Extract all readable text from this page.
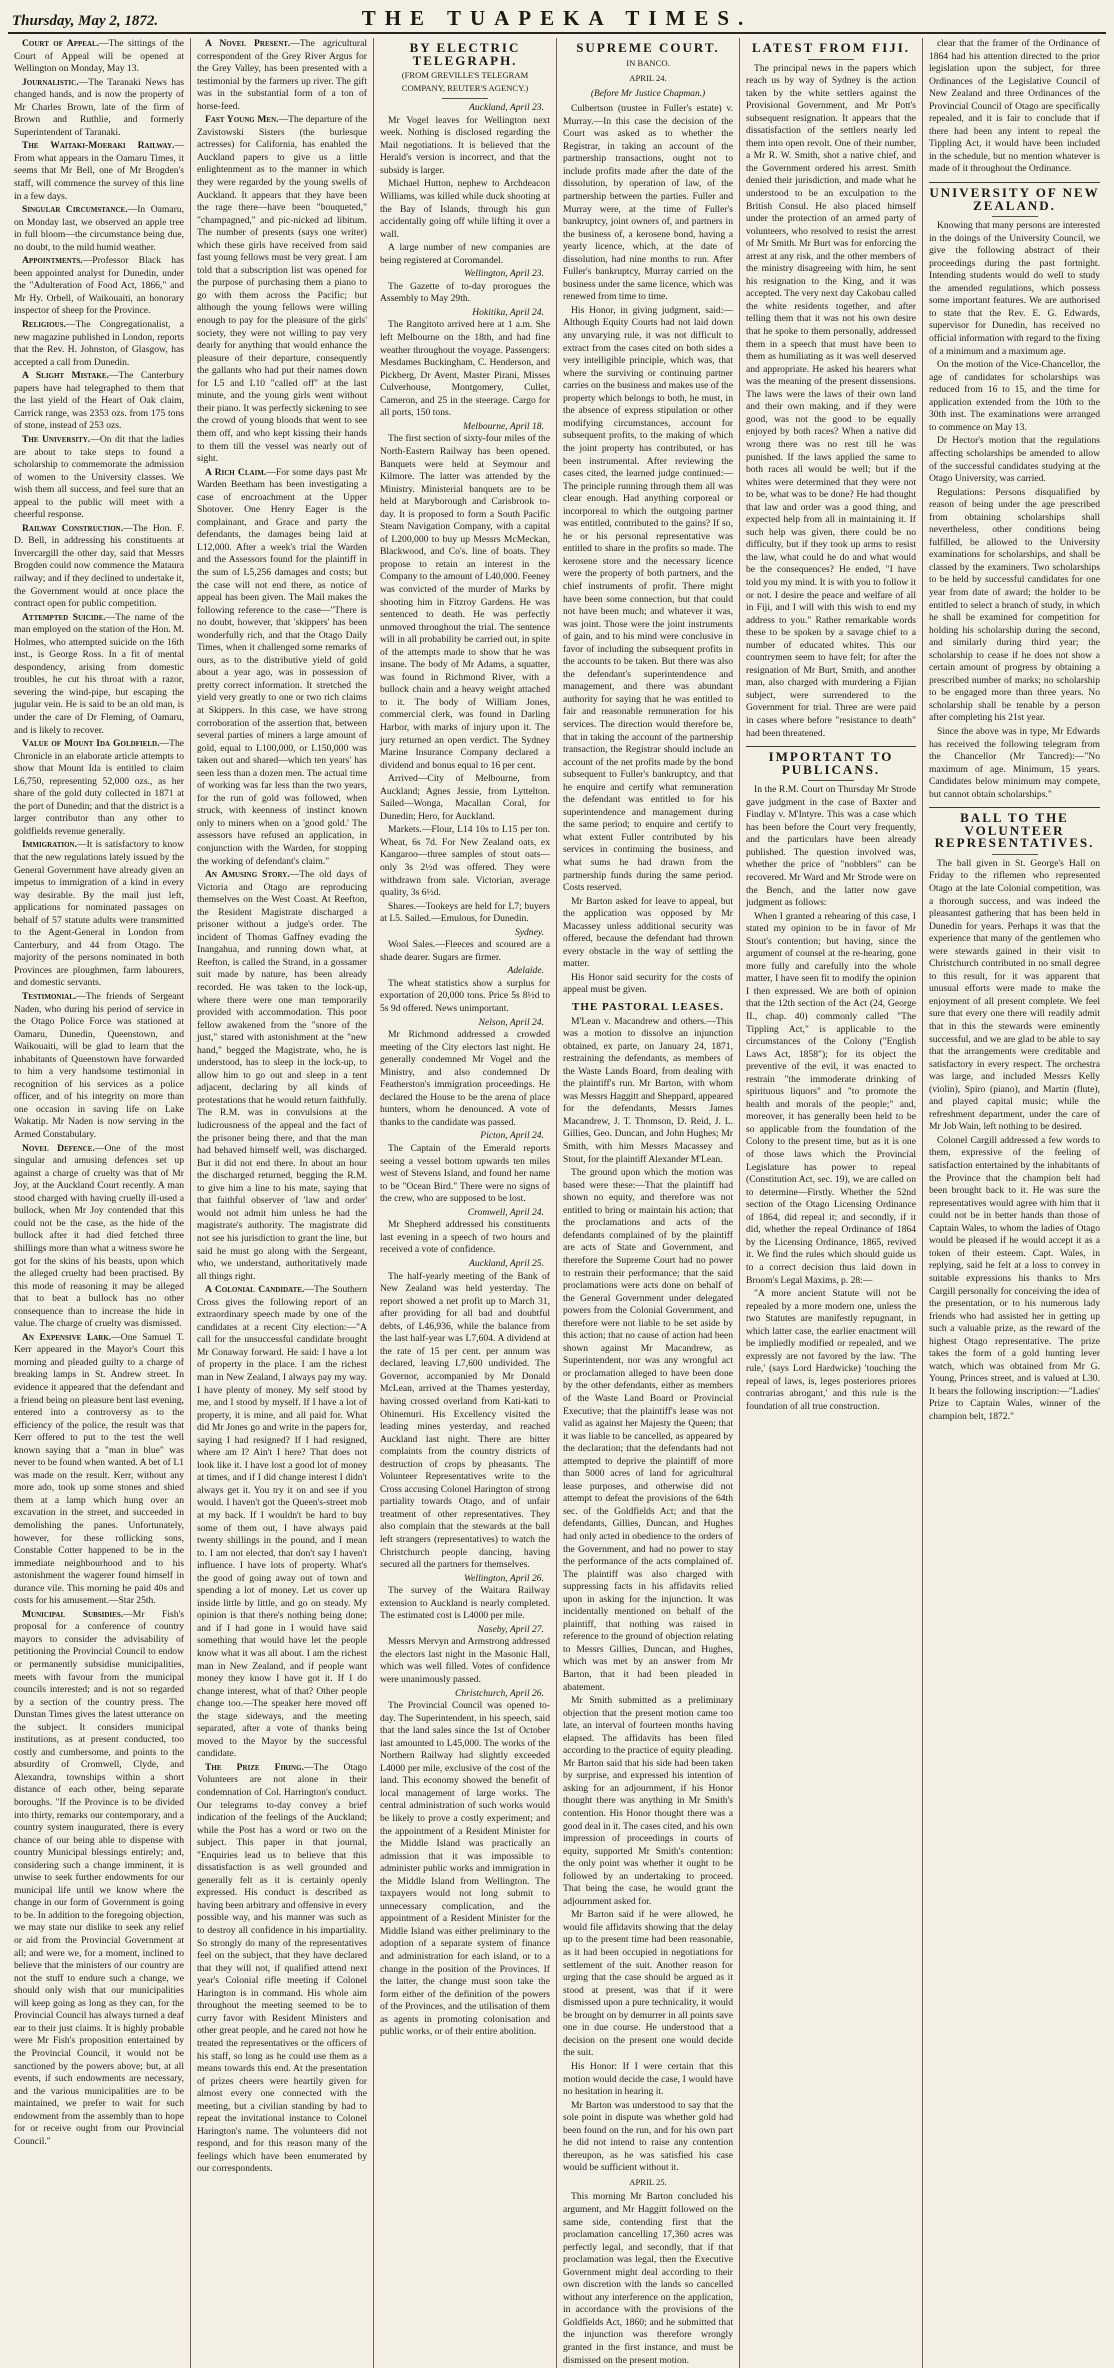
Thursday, May 2, 1872.	THE TUAPEKA TIMES.

Court of Appeal.—The sittings of the Court of Appeal will be opened at Wellington on Monday, May 13.

Journalistic.—The Taranaki News has changed hands, and is now the property of Mr Charles Brown, late of the firm of Brown and Ruthlie, and formerly Superintendent of Taranaki.

The Waitaki-Moeraki Railway.—From what appears in the Oamaru Times, it seems that Mr Bell, one of Mr Brogden's staff, will commence the survey of this line in a few days.

Singular Circumstance.—In Oamaru, on Monday last, we observed an apple tree in full bloom—the circumstance being due, no doubt, to the mild humid weather.

Appointments.—Professor Black has been appointed analyst for Dunedin, under the "Adulteration of Food Act, 1866," and Mr Hy. Orbell, of Waikouaiti, an honorary inspector of sheep for the Province.

Religious.—The Congregationalist, a new magazine published in London, reports that the Rev. H. Johnston, of Glasgow, has accepted a call from Dunedin.

A Slight Mistake.—The Canterbury papers have had telegraphed to them that the last yield of the Heart of Oak claim, Carrick range, was 2353 ozs. from 175 tons of stone, instead of 253 ozs.

The University.—On dit that the ladies are about to take steps to found a scholarship to commemorate the admission of women to the University classes. We wish them all success, and feel sure that an appeal to the public will meet with a cheerful response.

Railway Construction.—The Hon. F. D. Bell, in addressing his constituents at Invercargill the other day, said that Messrs Brogden could now commence the Mataura railway; and if they declined to undertake it, the Government would at once place the contract open for public competition.

Attempted Suicide.—The name of the man employed on the station of the Hon. M. Holmes, who attempted suicide on the 16th inst., is George Ross. In a fit of mental despondency, arising from domestic troubles, he cut his throat with a razor, severing the wind-pipe, but escaping the jugular vein. He is said to be an old man, is under the care of Dr Fleming, of Oamaru, and is likely to recover.

Value of Mount Ida Goldfield.—The Chronicle in an elaborate article attempts to show that Mount Ida is entitled to claim L6,750, representing 52,000 ozs., as her share of the gold duty collected in 1871 at the port of Dunedin; and that the district is a larger contributor than any other to goldfields revenue generally.

Immigration.—It is satisfactory to know that the new regulations lately issued by the General Government have already given an impetus to immigration of a kind in every way desirable. By the mail just left, applications for nominated passages on behalf of 57 statute adults were transmitted to the Agent-General in London from Canterbury, and 44 from Otago. The majority of the persons nominated in both Provinces are ploughmen, farm labourers, and domestic servants.

Testimonial.—The friends of Sergeant Naden, who during his period of service in the Otago Police Force was stationed at Oamaru, Dunedin, Queenstown, and Waikouaiti, will be glad to learn that the inhabitants of Queenstown have forwarded to him a very handsome testimonial in recognition of his services as a police officer, and of his integrity on more than one occasion in saving life on Lake Wakatip. Mr Naden is now serving in the Armed Constabulary.

Novel Defence.—One of the most singular and amusing defences set up against a charge of cruelty was that of Mr Joy, at the Auckland Court recently. A man stood charged with having cruelly ill-used a bullock, when Mr Joy contended that this could not be the case, as the hide of the bullock after it had died fetched three shillings more than what a witness swore he got for the skins of his beasts, upon which the alleged cruelty had been practised. By this mode of reasoning it may be alleged that to beat a bullock has no other consequence than to increase the hide in value. The charge of cruelty was dismissed.

An Expensive Lark.—One Samuel T. Kerr appeared in the Mayor's Court this morning and pleaded guilty to a charge of breaking lamps in St. Andrew street. In evidence it appeared that the defendant and a friend being on pleasure bent last evening, entered into a controversy as to the efficiency of the police, the result was that Kerr offered to put to the test the well known saying that a "man in blue" was never to be found when wanted. A bet of L1 was made on the result. Kerr, without any more ado, took up some stones and shied them at a lamp which hung over an excavation in the street, and succeeded in demolishing the panes. Unfortunately, however, for these rollicking sons, Constable Cotter happened to be in the immediate neighbourhood and to his astonishment the wagerer found himself in durance vile. This morning he paid 40s and costs for his amusement.—Star 25th.

Municipal Subsidies.—Mr Fish's proposal for a conference of country mayors to consider the advisability of petitioning the Provincial Council to endow or permanently subsidise municipalities, meets with favour from the municipal councils interested; and is not so regarded by a section of the country press. The Dunstan Times gives the latest utterance on the subject. It considers municipal institutions, as at present conducted, too costly and cumbersome, and points to the absurdity of Cromwell, Clyde, and Alexandra, townships within a short distance of each other, being separate boroughs. "If the Province is to be divided into thirty, remarks our contemporary, and a country system inaugurated, there is every chance of our being able to dispense with country Municipal blessings entirely; and, considering such a change imminent, it is unwise to seek further endowments for our municipal life until we know where the change in our form of Government is going to be. In addition to the foregoing objection, we may state our dislike to seek any relief or aid from the Provincial Government at all; and were we, for a moment, inclined to believe that the ministers of our country are not the stuff to endure such a change, we should only wish that our municipalities will keep going as long as they can, for the Provincial Council has always turned a deaf ear to their just claims. It is highly probable were Mr Fish's proposition entertained by the Provincial Council, it would not be sanctioned by the powers above; but, at all events, if such endowments are necessary, and the various municipalities are to be maintained, we prefer to wait for such endowment from the assembly than to hope for or receive ought from our Provincial Council."

A Novel Present.—The agricultural correspondent of the Grey River Argus for the Grey Valley, has been presented with a testimonial by the farmers up river. The gift was in the substantial form of a ton of horse-feed.

Fast Young Men.—The departure of the Zavistowski Sisters (the burlesque actresses) for California, has enabled the Auckland papers to give us a little enlightenment as to the manner in which they were regarded by the young swells of Auckland. It appears that they have been the rage there—have been "bouqueted," "champagned," and pic-nicked ad libitum. The number of presents (says one writer) which these girls have received from said fast young fellows must be very great. I am told that a subscription list was opened for the purpose of purchasing them a piano to go with them across the Pacific; but although the young fellows were willing enough to pay for the pleasure of the girls' society, they were not willing to pay very dearly for anything that would enhance the pleasure of their departure, consequently the gallants who had put their names down for L5 and L10 "called off" at the last minute, and the young girls went without their piano. It was perfectly sickening to see the crowd of young bloods that went to see them off, and who kept kissing their hands to them till the vessel was nearly out of sight.

A Rich Claim.—For some days past Mr Warden Beetham has been investigating a case of encroachment at the Upper Shotover. One Henry Eager is the complainant, and Grace and party the defendants, the damages being laid at L12,000. After a week's trial the Warden and the Assessors found for the plaintiff in the sum of L5,256 damages and costs; but the case will not end there, as notice of appeal has been given. The Mail makes the following reference to the case—"There is no doubt, however, that 'skippers' has been wonderfully rich, and that the Otago Daily Times, when it challenged some remarks of ours, as to the distributive yield of gold about a year ago, was in possession of pretty correct information. It stretched the yield very greatly to one or two rich claims at Skippers. In this case, we have strong corroboration of the assertion that, between several parties of miners a large amount of gold, equal to L100,000, or L150,000 was taken out and shared—which ten years' has seen less than a dozen men. The actual time of working was far less than the two years, for the run of gold was followed, when struck, with keenness of instinct known only to miners when on a 'good gold.' The assessors have refused an application, in conjunction with the Warden, for stopping the working of defendant's claim."

An Amusing Story.—The old days of Victoria and Otago are reproducing themselves on the West Coast. At Reefton, the Resident Magistrate discharged a prisoner without a judge's order. The incident of Thomas Gaffney evading the Inangahua, and running down what, at Reefton, is called the Strand, in a gossamer suit made by nature, has been already recorded. He was taken to the lock-up, where there were one man temporarily provided with accommodation. This poor fellow awakened from the "snore of the just," stared with astonishment at the "new hand," begged the Magistrate, who, he is understood, has to sleep in the lock-up, to allow him to go out and sleep in a tent adjacent, declaring by all kinds of protestations that he would return faithfully. The R.M. was in convulsions at the ludicrousness of the appeal and the fact of the prisoner being there, and that the man had behaved himself well, was discharged. But it did not end there. In about an hour the discharged returned, begging the R.M. to give him a line to his mate, saying that that faithful observer of 'law and order' would not admit him unless he had the magistrate's authority. The magistrate did not see his jurisdiction to grant the line, but said he must go along with the Sergeant, who, we understand, authoritatively made all things right.

A Colonial Candidate.—The Southern Cross gives the following report of an extraordinary speech made by one of the candidates at a recent City election:—"A call for the unsuccessful candidate brought Mr Conaway forward. He said: I have a lot of property in the place. I am the richest man in New Zealand, I always pay my way. I have plenty of money. My self stood by me, and I stood by myself. If I have a lot of property, it is mine, and all paid for. What did Mr Jones go and write in the papers for, saying I had resigned? If I had resigned, where am I? Ain't I here? That does not look like it. I have lost a good lot of money at times, and if I did change interest I didn't always get it. You try it on and see if you would. I haven't got the Queen's-street mob at my back. If I wouldn't be hard to buy some of them out, I have always paid twenty shillings in the pound, and I mean to. I am not elected, that don't say I haven't influence. I have lots of property. What's the good of going away out of town and spending a lot of money. Let us cover up inside little by little, and go on steady. My opinion is that there's nothing being done; and if I had gone in I would have said something that would have let the people know what it was all about. I am the richest man in New Zealand, and if people want money they know I have got it. If I do change interest, what of that? Other people change too.—The speaker here moved off the stage sideways, and the meeting separated, after a vote of thanks being moved to the Mayor by the successful candidate.

The Prize Firing.—The Otago Volunteers are not alone in their condemnation of Col. Harrington's conduct. Our telegrams to-day convey a brief indication of the feelings of the Auckland; while the Post has a word or two on the subject. This paper in that journal, "Enquiries lead us to believe that this dissatisfaction is as well grounded and generally felt as it is certainly openly expressed. His conduct is described as having been arbitrary and offensive in every possible way, and his manner was such as to destroy all confidence in his impartiality. So strongly do many of the representatives feel on the subject, that they have declared that they will not, if qualified attend next year's Colonial rifle meeting if Colonel Harington is in command. His whole aim throughout the meeting seemed to be to curry favor with Resident Ministers and other great people, and he cared not how he treated the representatives or the officers of his staff, so long as he could use them as a means towards this end. At the presentation of prizes cheers were heartily given for almost every one connected with the meeting, but a civilian standing by had to repeat the invitational instance to Colonel Harington's name. The volunteers did not respond, and for this reason many of the feelings which have been enumerated by our correspondents.

BY ELECTRIC TELEGRAPH.
(FROM GREVILLE'S TELEGRAM COMPANY, REUTER'S AGENCY.)
Auckland, April 23.

Mr Vogel leaves for Wellington next week. Nothing is disclosed regarding the Mail negotiations. It is believed that the Herald's version is incorrect, and that the subsidy is larger.

Michael Hutton, nephew to Archdeacon Williams, was killed while duck shooting at the Bay of Islands, through his gun accidentally going off while lifting it over a wall.

A large number of new companies are being registered at Coromandel.

Wellington, April 23.

The Gazette of to-day prorogues the Assembly to May 29th.

Hokitika, April 24.

The Rangitoto arrived here at 1 a.m. She left Melbourne on the 18th, and had fine weather throughout the voyage. Passengers: Mesdames Buckingham, C. Henderson, and Pickberg, Dr Avent, Master Pirani, Misses Culverhouse, Montgomery, Cullet, Cameron, and 25 in the steerage. Cargo for all ports, 150 tons.

Melbourne, April 18.

The first section of sixty-four miles of the North-Eastern Railway has been opened. Banquets were held at Seymour and Kilmore. The latter was attended by the Ministry. Ministerial banquets are to be held at Maryborough and Carisbrook to-day. It is proposed to form a South Pacific Steam Navigation Company, with a capital of L200,000 to buy up Messrs McMeckan, Blackwood, and Co's. line of boats. They propose to retain an interest in the Company to the amount of L40,000. Feeney was convicted of the murder of Marks by shooting him in Fitzroy Gardens. He was sentenced to death. He was perfectly unmoved throughout the trial. The sentence will in all probability be carried out, in spite of the attempts made to show that he was insane. The body of Mr Adams, a squatter, was found in Richmond River, with a bullock chain and a heavy weight attached to it. The body of William Jones, commercial clerk, was found in Darling Harbor, with marks of injury upon it. The jury returned an open verdict. The Sydney Marine Insurance Company declared a dividend and bonus equal to 16 per cent.

Arrived—City of Melbourne, from Auckland; Agnes Jessie, from Lyttelton. Sailed—Wonga, Macallan Coral, for Dunedin; Hero, for Auckland.

Markets.—Flour, L14 10s to L15 per ton. Wheat, 6s 7d. For New Zealand oats, ex Kangaroo—three samples of stout oats—only 3s 2½d was offered. They were withdrawn from sale. Victorian, average quality, 3s 6½d.

Shares.—Tookeys are held for L7; buyers at L5. Sailed.—Emulous, for Dunedin.

Sydney.

Wool Sales.—Fleeces and scoured are a shade dearer. Sugars are firmer.

Adelaide.

The wheat statistics show a surplus for exportation of 20,000 tons. Price 5s 8½d to 5s 9d offered. News unimportant.

Nelson, April 24.

Mr Richmond addressed a crowded meeting of the City electors last night. He generally condemned Mr Vogel and the Ministry, and also condemned Dr Featherston's immigration proceedings. He declared the House to be the arena of place hunters, whom he denounced. A vote of thanks to the candidate was passed.

Picton, April 24.

The Captain of the Emerald reports seeing a vessel bottom upwards ten miles west of Stevens Island, and found her name to be "Ocean Bird." There were no signs of the crew, who are supposed to be lost.

Cromwell, April 24.

Mr Shepherd addressed his constituents last evening in a speech of two hours and received a vote of confidence.

Auckland, April 25.

The half-yearly meeting of the Bank of New Zealand was held yesterday. The report showed a net profit up to March 31, after providing for all bad and doubtful debts, of L46,936, while the balance from the last half-year was L7,604. A dividend at the rate of 15 per cent. per annum was declared, leaving L7,600 undivided. The Governor, accompanied by Mr Donald McLean, arrived at the Thames yesterday, having crossed overland from Kati-kati to Ohinemuri. His Excellency visited the leading mines yesterday, and reached Auckland last night. There are bitter complaints from the country districts of destruction of crops by pheasants. The Volunteer Representatives write to the Cross accusing Colonel Harington of strong partiality towards Otago, and of unfair treatment of other representatives. They also complain that the stewards at the ball left strangers (representatives) to watch the Christchurch people dancing, having secured all the partners for themselves.

Wellington, April 26.

The survey of the Waitara Railway extension to Auckland is nearly completed. The estimated cost is L4000 per mile.

Naseby, April 27.

Messrs Mervyn and Armstrong addressed the electors last night in the Masonic Hall, which was well filled. Votes of confidence were unanimously passed.

Christchurch, April 26.

The Provincial Council was opened to-day. The Superintendent, in his speech, said that the land sales since the 1st of October last amounted to L45,000. The works of the Northern Railway had slightly exceeded L4000 per mile, exclusive of the cost of the land. This economy showed the benefit of local management of large works. The central administration of such works would be likely to prove a costly experiment; and the appointment of a Resident Minister for the Middle Island was practically an admission that it was impossible to administer public works and immigration in the Middle Island from Wellington. The taxpayers would not long submit to unnecessary complication, and the appointment of a Resident Minister for the Middle Island was either preliminary to the adoption of a separate system of finance and administration for each island, or to a change in the position of the Provinces. If the latter, the change must soon take the form either of the definition of the powers of the Provinces, and the utilisation of them as agents in promoting colonisation and public works, or of their entire abolition.

SUPREME COURT.
IN BANCO.
APRIL 24.
(Before Mr Justice Chapman.)

Culbertson (trustee in Fuller's estate) v. Murray.—In this case the decision of the Court was asked as to whether the Registrar, in taking an account of the partnership transactions, ought not to include profits made after the date of the dissolution, by operation of law, of the partnership between the parties. Fuller and Murray were, at the time of Fuller's bankruptcy, joint owners of, and partners in the business of, a kerosene bond, having a yearly licence, which, at the date of dissolution, had nine months to run. After Fuller's bankruptcy, Murray carried on the business under the same licence, which was renewed from time to time.

His Honor, in giving judgment, said:—Although Equity Courts had not laid down any unvarying rule, it was not difficult to extract from the cases cited on both sides a very intelligible principle, which was, that where the surviving or continuing partner carries on the business and makes use of the property which belongs to both, he must, in the absence of express stipulation or other modifying circumstances, account for subsequent profits, to the making of which the joint property has contributed, or has been instrumental. After reviewing the cases cited, the learned judge continued:—The principle running through them all was clear enough. Had anything corporeal or incorporeal to which the outgoing partner was entitled, contributed to the gains? If so, he or his personal representative was entitled to share in the profits so made. The kerosene store and the necessary licence were the property of both partners, and the chief instruments of profit. There might have been some connection, but that could not have been much; and whatever it was, was joint. Those were the joint instruments of gain, and to his mind were conclusive in favor of including the subsequent profits in the accounts to be taken. But there was also the defendant's superintendence and management, and there was abundant authority for saying that he was entitled to fair and reasonable remuneration for his services. The direction would therefore be, that in taking the account of the partnership transaction, the Registrar should include an account of the net profits made by the bond subsequent to Fuller's bankruptcy, and that he enquire and certify what remuneration the defendant was entitled to for his superintendence and management during the same period; to enquire and certify to what extent Fuller contributed by his services in continuing the business, and what sums he had drawn from the partnership funds during the same period. Costs reserved.

Mr Barton asked for leave to appeal, but the application was opposed by Mr Macassey unless additional security was offered, because the defendant had thrown every obstacle in the way of settling the matter.

His Honor said security for the costs of appeal must be given.

THE PASTORAL LEASES.

M'Lean v. Macandrew and others.—This was a motion to dissolve an injunction obtained, ex parte, on January 24, 1871, restraining the defendants, as members of the Waste Lands Board, from dealing with the plaintiff's run. Mr Barton, with whom was Messrs Haggitt and Sheppard, appeared for the defendants, Messrs James Macandrew, J. T. Thomson, D. Reid, J. L. Gillies, Geo. Duncan, and John Hughes; Mr Smith, with him Messrs Macassey and Stout, for the plaintiff Alexander M'Lean.

The ground upon which the motion was based were these:—That the plaintiff had shown no equity, and therefore was not entitled to bring or maintain his action; that the proclamations and acts of the defendants complained of by the plaintiff are acts of State and Government, and therefore the Supreme Court had no power to restrain their performance; that the said proclamations were acts done on behalf of the General Government under delegated powers from the Colonial Government, and therefore were not liable to be set aside by this action; that no cause of action had been shown against Mr Macandrew, as Superintendent, nor was any wrongful act or proclamation alleged to have been done by the other defendants, either as members of the Waste Land Board or Provincial Executive; that the plaintiff's lease was not valid as against her Majesty the Queen; that it was liable to be cancelled, as appeared by the declaration; that the defendants had not attempted to deprive the plaintiff of more than 5000 acres of land for agricultural lease purposes, and otherwise did not attempt to defeat the provisions of the 64th sec. of the Goldfields Act; and that the defendants, Gillies, Duncan, and Hughes had only acted in obedience to the orders of the Government, and had no power to stay the performance of the acts complained of. The plaintiff was also charged with suppressing facts in his affidavits relied upon in asking for the injunction. It was incidentally mentioned on behalf of the plaintiff, that nothing was raised in reference to the ground of objection relating to Messrs Gillies, Duncan, and Hughes, which was met by an answer from Mr Barton, that it had been pleaded in abatement.

Mr Smith submitted as a preliminary objection that the present motion came too late, an interval of fourteen months having elapsed. The affidavits has been filed according to the practice of equity pleading. Mr Barton said that his side had been taken by surprise, and expressed his intention of asking for an adjournment, if his Honor thought there was anything in Mr Smith's contention. His Honor thought there was a good deal in it. The cases cited, and his own impression of proceedings in courts of equity, supported Mr Smith's contention: the only point was whether it ought to be followed by an undertaking to proceed. That being the case, he would grant the adjournment asked for.

Mr Barton said if he were allowed, he would file affidavits showing that the delay up to the present time had been reasonable, as it had been occupied in negotiations for settlement of the suit. Another reason for urging that the case should be argued as it stood at present, was that if it were dismissed upon a pure technicality, it would be brought on by demurrer in all points save one in due course. He understood that a decision on the present one would decide the suit.

His Honor: If I were certain that this motion would decide the case, I would have no hesitation in hearing it.

Mr Barton was understood to say that the sole point in dispute was whether gold had been found on the run, and for his own part he did not intend to raise any contention thereupon, as he was satisfied his case would be sufficient without it.

APRIL 25.

This morning Mr Barton concluded his argument, and Mr Haggitt followed on the same side, contending first that the proclamation cancelling 17,360 acres was perfectly legal, and secondly, that if that proclamation was legal, then the Executive Government might deal according to their own discretion with the lands so cancelled without any interference on the application, in accordance with the provisions of the Goldfields Act, 1860; and he submitted that the injunction was therefore wrongly granted in the first instance, and must be dismissed on the present motion.

LATEST FROM FIJI.

The principal news in the papers which reach us by way of Sydney is the action taken by the white settlers against the Provisional Government, and Mr Pott's subsequent resignation. It appears that the dissatisfaction of the settlers nearly led them into open revolt. One of their number, a Mr R. W. Smith, shot a native chief, and the Government ordered his arrest. Smith denied their jurisdiction, and made what he understood to be an exculpation to the British Consul. He also placed himself under the protection of an armed party of volunteers, who resolved to resist the arrest of Mr Smith. Mr Burt was for enforcing the arrest at any risk, and the other members of the ministry disagreeing with him, he sent his resignation to the King, and it was accepted. The very next day Cakobau called the white residents together, and after telling them that it was not his own desire that he spoke to them personally, addressed them in a speech that must have been to them as humiliating as it was well deserved and appropriate. He asked his hearers what was the meaning of the present dissensions. The laws were the laws of their own land and their own making, and if they were good, was not the good to be equally enjoyed by both races? When a native did wrong there was no rest till he was punished. If the laws applied the same to both races all would be well; but if the whites were determined that they were not to be, what was to be done? He had thought that law and order was a good thing, and expected help from all in maintaining it. If such help was given, there could be no difficulty, but if they took up arms to resist the law, what could he do and what would be the consequences? He ended, "I have told you my mind. It is with you to follow it or not. I desire the peace and welfare of all in Fiji, and I will with this wish to end my address to you." Rather remarkable words these to be spoken by a savage chief to a number of educated whites. This our countrymen seem to have felt; for after the resignation of Mr Burt, Smith, and another man, also charged with murdering a Fijian subject, were surrendered to the Government for trial. Three are were paid in cases where before "resistance to death" had been threatened.

IMPORTANT TO PUBLICANS.

In the R.M. Court on Thursday Mr Strode gave judgment in the case of Baxter and Findlay v. M'Intyre. This was a case which has been before the Court very frequently, and the particulars have been already published. The question involved was, whether the price of "nobblers" can be recovered. Mr Ward and Mr Strode were on the Bench, and the latter now gave judgment as follows:

When I granted a rehearing of this case, I stated my opinion to be in favor of Mr Stout's contention; but having, since the argument of counsel at the re-hearing, gone more fully and carefully into the whole matter, I have seen fit to modify the opinion I then expressed. We are both of opinion that the 12th section of the Act (24, George II., chap. 40) commonly called "The Tippling Act," is applicable to the circumstances of the Colony ("English Laws Act, 1858"); for its object the preventive of the evil, it was enacted to restrain "the immoderate drinking of spirituous liquors" and "to promote the health and morals of the people;" and, moreover, it has generally been held to be so applicable from the foundation of the Colony to the present time, but as it is one of those laws which the Provincial Legislature has power to repeal (Constitution Act, sec. 19), we are called on to determine—Firstly. Whether the 52nd section of the Otago Licensing Ordinance of 1864, did repeal it; and secondly, if it did, whether the repeal Ordinance of 1864 by the Licensing Ordinance, 1865, revived it. We find the rules which should guide us to a correct decision thus laid down in Broom's Legal Maxims, p. 28:—

"A more ancient Statute will not be repealed by a more modern one, unless the two Statutes are manifestly repugnant, in which latter case, the earlier enactment will be impliedly modified or repealed, and we expressly are not favored by the law. 'The rule,' (says Lord Hardwicke) 'touching the repeal of laws, is, leges posteriores priores contrarias abrogant,' and this rule is the foundation of all true construction.

clear that the framer of the Ordinance of 1864 had his attention directed to the prior legislation upon the subject, for three Ordinances of the Legislative Council of New Zealand and three Ordinances of the Provincial Council of Otago are specifically repealed, and it is fair to conclude that if there had been any intent to repeal the Tippling Act, it would have been included in the schedule, but no mention whatever is made of it throughout the Ordinance.

UNIVERSITY OF NEW ZEALAND.

Knowing that many persons are interested in the doings of the University Council, we give the following abstract of their proceedings during the past fortnight. Intending students would do well to study the amended regulations, which possess some important features. We are authorised to state that the Rev. E. G. Edwards, supervisor for Dunedin, has received no official information with regard to the fixing of a minimum and a maximum age.

On the motion of the Vice-Chancellor, the age of candidates for scholarships was reduced from 16 to 15, and the time for application extended from the 10th to the 30th inst. The examinations were arranged to commence on May 13.

Dr Hector's motion that the regulations affecting scholarships be amended to allow of the successful candidates studying at the Otago University, was carried.

Regulations: Persons disqualified by reason of being under the age prescribed from obtaining scholarships shall nevertheless, other conditions being fulfilled, be allowed to the University examinations for scholarships, and shall be classed by the examiners. Two scholarships to be held by successful candidates for one year from date of award; the holder to be entitled to select a branch of study, in which he shall be examined for competition for holding his scholarship during the second, and similarly during third year; the scholarship to cease if he does not show a certain amount of progress by obtaining a prescribed number of marks; no scholarship to be engaged more than three years. No scholarship shall be tenable by a person after completing his 21st year.

Since the above was in type, Mr Edwards has received the following telegram from the Chancellor (Mr Tancred):—"No maximum of age. Minimum, 15 years. Candidates below minimum may compete, but cannot obtain scholarships."

BALL TO THE VOLUNTEER REPRESENTATIVES.

The ball given in St. George's Hall on Friday to the riflemen who represented Otago at the late Colonial competition, was a thorough success, and was indeed the pleasantest gathering that has been held in Dunedin for years. Perhaps it was that the experience that many of the gentlemen who were stewards gained in their visit to Christchurch contributed in no small degree to this result, for it was apparent that unusual efforts were made to make the enjoyment of all present complete. We feel sure that every one there will readily admit that in this the stewards were eminently successful, and we are glad to be able to say that the arrangements were creditable and satisfactory in every respect. The orchestra was large, and included Messrs Kelly (violin), Spiro (piano), and Martin (flute), and played capital music; while the refreshment department, under the care of Mr Job Wain, left nothing to be desired.

Colonel Cargill addressed a few words to them, expressive of the feeling of satisfaction entertained by the inhabitants of the Province that the champion belt had been brought back to it. He was sure the representatives would agree with him that it could not be in better hands than those of Captain Wales, to whom the ladies of Otago would be pleased if he would accept it as a token of their esteem. Capt. Wales, in replying, said he felt at a loss to convey in suitable expressions his thanks to Mrs Cargill personally for conceiving the idea of the presentation, or to his numerous lady friends who had assisted her in getting up such a valuable prize, as the reward of the highest Otago representative. The prize takes the form of a gold hunting lever watch, which was obtained from Mr G. Young, Princes street, and is valued at L30. It bears the following inscription:—"Ladies' Prize to Captain Wales, winner of the champion belt, 1872."
